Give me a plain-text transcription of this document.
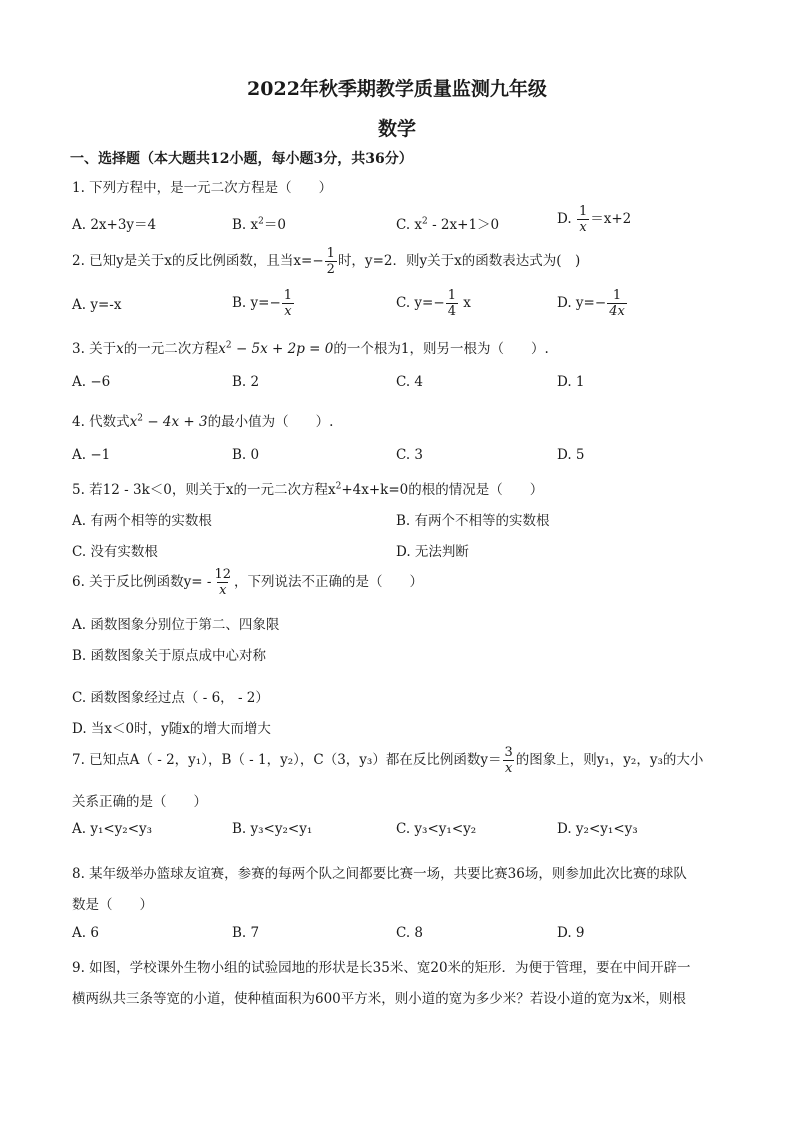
2022年秋季期教学质量监测九年级
数学
一、选择题（本大题共12小题，每小题3分，共36分）
1. 下列方程中，是一元二次方程是（　　）
A. 2x+3y＝4	B. $x^2=0$	C. $x^2 - 2x+1>0$	D. $\frac{1}{x} =x+2$
2. 已知y是关于x的反比例函数，且当$x=- \frac{1}{2}$ 时，y=2．则y关于x的函数表达式为(　)
A. y=-x	B. $y=- \frac{1}{x}$	C. $y=- \frac{1}{4}$ x	D. $y=- \frac{1}{4x}$
3. 关于x的一元二次方程$x^2 - 5x + 2p = 0$的一个根为1，则另一根为（　　）.
A. −6	B. 2	C. 4	D. 1
4. 代数式$x^2 - 4x + 3$的最小值为（　　）.
A. −1	B. 0	C. 3	D. 5
5. 若12 - 3k＜0，则关于x的一元二次方程$x^2+4x+k=0$的根的情况是（　　）
A. 有两个相等的实数根	B. 有两个不相等的实数根
C. 没有实数根	D. 无法判断
6. 关于反比例函数$y= - \frac{12}{x}$ ，下列说法不正确的是（　　）
A. 函数图象分别位于第二、四象限
B. 函数图象关于原点成中心对称
C. 函数图象经过点（ - 6， - 2）
D. 当x＜0时，y随x的增大而增大
7. 已知点A（ - 2，y₁），B（ - 1，y₂），C（3，y₃）都在反比例函数$y= \frac{3}{x}$ 的图象上，则y₁，y₂，y₃的大小
关系正确的是（　　）
A. y₁<y₂<y₃	B. y₃<y₂<y₁	C. y₃<y₁<y₂	D. y₂<y₁<y₃
8. 某年级举办篮球友谊赛，参赛的每两个队之间都要比赛一场，共要比赛36场，则参加此次比赛的球队
数是（　　）
A. 6	B. 7	C. 8	D. 9
9. 如图，学校课外生物小组的试验园地的形状是长35米、宽20米的矩形．为便于管理，要在中间开辟一
横两纵共三条等宽的小道，使种植面积为600平方米，则小道的宽为多少米？若设小道的宽为x米，则根
